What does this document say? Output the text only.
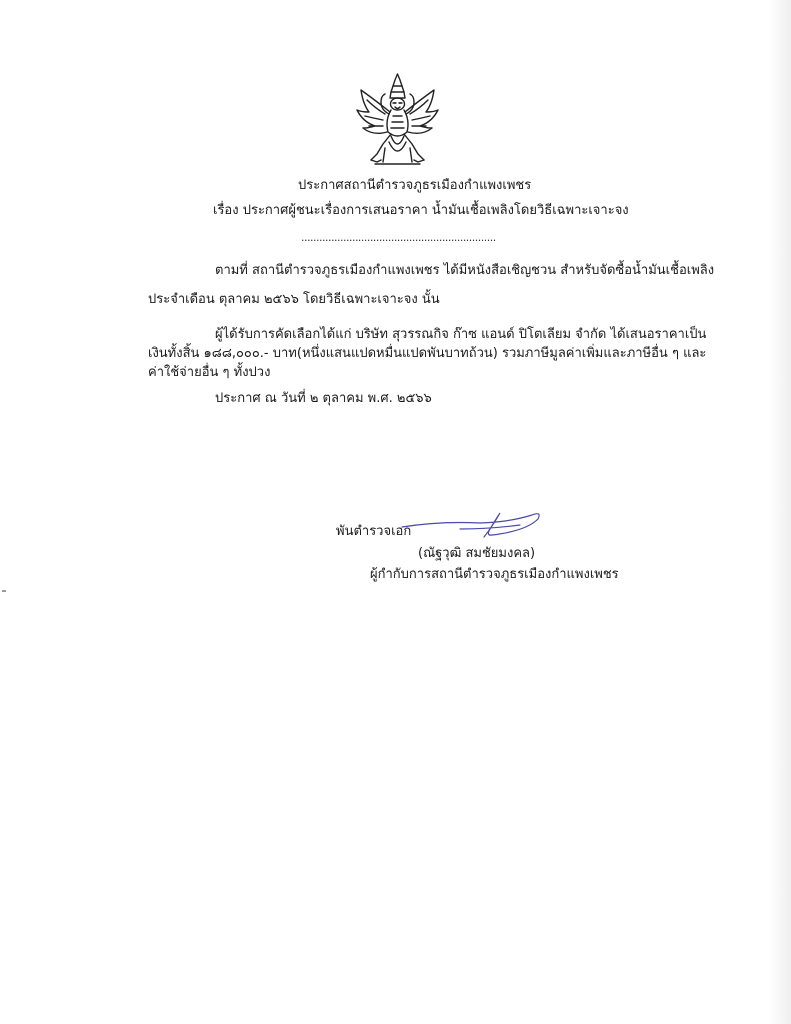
ประกาศสถานีตำรวจภูธรเมืองกำแพงเพชร
เรื่อง ประกาศผู้ชนะเรื่องการเสนอราคา น้ำมันเชื้อเพลิงโดยวิธีเฉพาะเจาะจง
.................................................................
ตามที่ สถานีตำรวจภูธรเมืองกำแพงเพชร ได้มีหนังสือเชิญชวน สำหรับจัดซื้อน้ำมันเชื้อเพลิง
ประจำเดือน ตุลาคม ๒๕๖๖ โดยวิธีเฉพาะเจาะจง นั้น
ผู้ได้รับการคัดเลือกได้แก่ บริษัท สุวรรณกิจ ก๊าซ แอนด์ ปิโตเลียม จำกัด ได้เสนอราคาเป็น
เงินทั้งสิ้น ๑๘๘,๐๐๐.- บาท(หนึ่งแสนแปดหมื่นแปดพันบาทถ้วน) รวมภาษีมูลค่าเพิ่มและภาษีอื่น ๆ และ
ค่าใช้จ่ายอื่น ๆ ทั้งปวง
ประกาศ ณ วันที่ ๒ ตุลาคม พ.ศ. ๒๕๖๖
พันตำรวจเอก
(ณัฐวุฒิ สมชัยมงคล)
ผู้กำกับการสถานีตำรวจภูธรเมืองกำแพงเพชร
